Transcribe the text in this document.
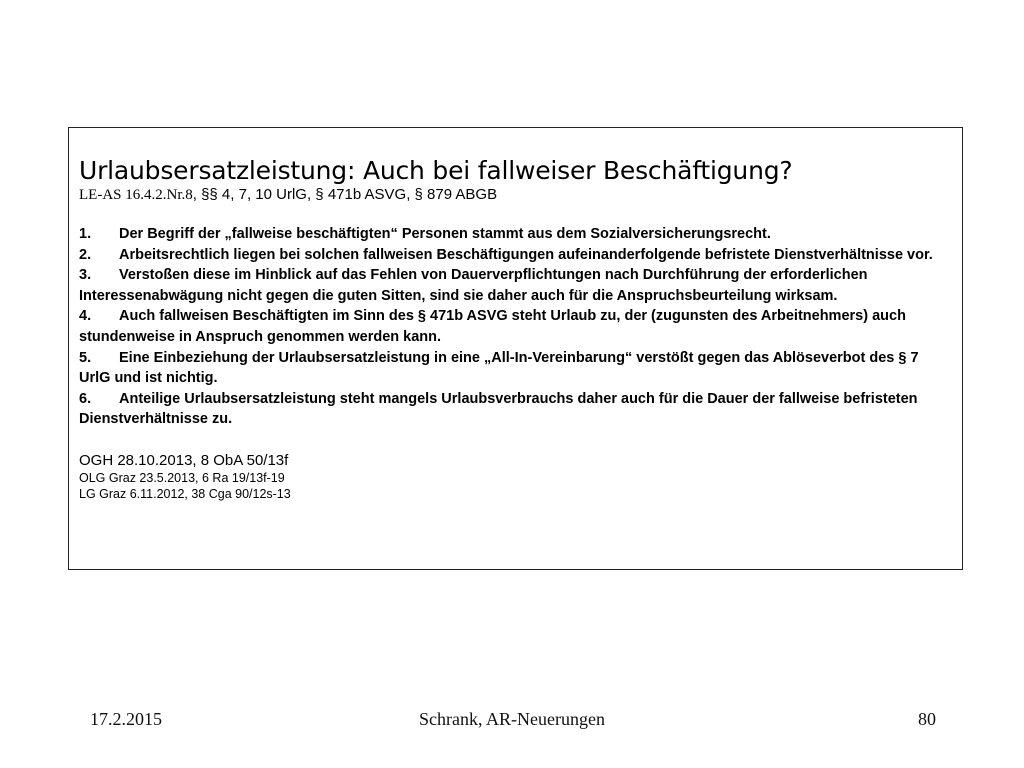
Urlaubsersatzleistung: Auch bei fallweiser Beschäftigung?

LE-AS 16.4.2.Nr.8, §§ 4, 7, 10 UrlG, § 471b ASVG, § 879 ABGB

1. Der Begriff der „fallweise beschäftigten“ Personen stammt aus dem Sozialversicherungsrecht.

2. Arbeitsrechtlich liegen bei solchen fallweisen Beschäftigungen aufeinanderfolgende befristete Dienstverhältnisse vor.

3. Verstoßen diese im Hinblick auf das Fehlen von Dauerverpflichtungen nach Durchführung der erforderlichen Interessenabwägung nicht gegen die guten Sitten, sind sie daher auch für die Anspruchsbeurteilung wirksam.

4. Auch fallweisen Beschäftigten im Sinn des § 471b ASVG steht Urlaub zu, der (zugunsten des Arbeitnehmers) auch stundenweise in Anspruch genommen werden kann.

5. Eine Einbeziehung der Urlaubsersatzleistung in eine „All-In-Vereinbarung“ verstößt gegen das Ablöseverbot des § 7 UrlG und ist nichtig.

6. Anteilige Urlaubsersatzleistung steht mangels Urlaubsverbrauchs daher auch für die Dauer der fallweise befristeten Dienstverhältnisse zu.

OGH 28.10.2013, 8 ObA 50/13f

OLG Graz 23.5.2013, 6 Ra 19/13f-19

LG Graz 6.11.2012, 38 Cga 90/12s-13

17.2.2015	Schrank, AR-Neuerungen	80
